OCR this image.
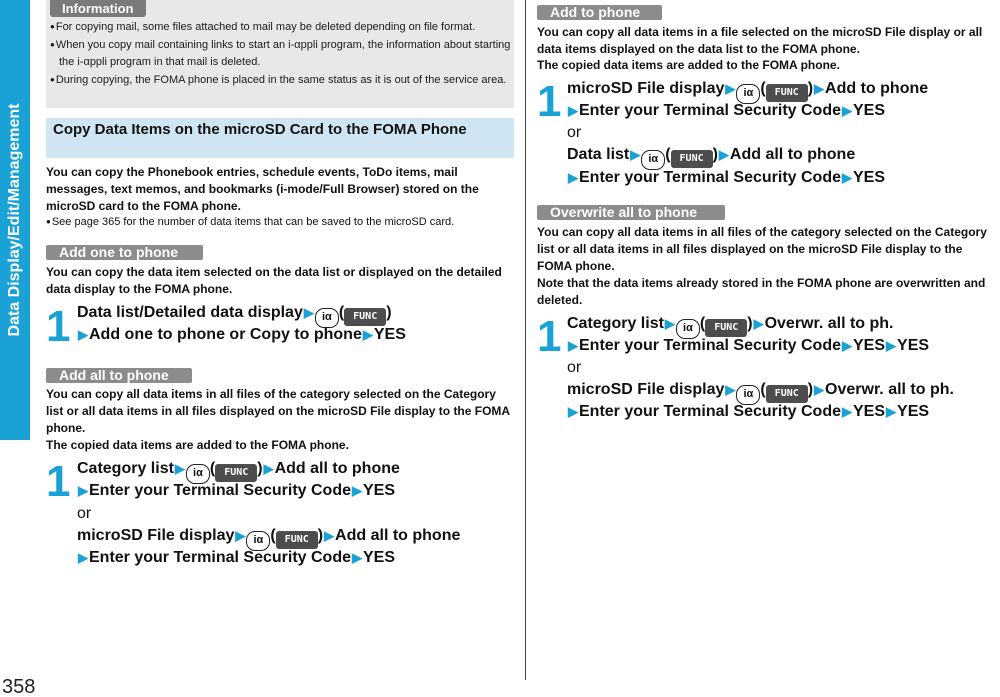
Data Display/Edit/Management
358
Information
● For copying mail, some files attached to mail may be deleted depending on file format.
● When you copy mail containing links to start an i-αppli program, the information about starting the i-αppli program in that mail is deleted.
● During copying, the FOMA phone is placed in the same status as it is out of the service area.
Copy Data Items on the microSD Card to the FOMA Phone
You can copy the Phonebook entries, schedule events, ToDo items, mail messages, text memos, and bookmarks (i-mode/Full Browser) stored on the microSD card to the FOMA phone.
● See page 365 for the number of data items that can be saved to the microSD card.
Add one to phone
You can copy the data item selected on the data list or displayed on the detailed data display to the FOMA phone.
1 Data list/Detailed data display▶ iα ( FUNC )
▶Add one to phone or Copy to phone▶YES
Add all to phone
You can copy all data items in all files of the category selected on the Category list or all data items in all files displayed on the microSD File display to the FOMA phone.
The copied data items are added to the FOMA phone.
1 Category list▶ iα ( FUNC )▶Add all to phone
▶Enter your Terminal Security Code▶YES
or
microSD File display▶ iα ( FUNC )▶Add all to phone
▶Enter your Terminal Security Code▶YES
Add to phone
You can copy all data items in a file selected on the microSD File display or all data items displayed on the data list to the FOMA phone.
The copied data items are added to the FOMA phone.
1 microSD File display▶ iα ( FUNC )▶Add to phone
▶Enter your Terminal Security Code▶YES
or
Data list▶ iα ( FUNC )▶Add all to phone
▶Enter your Terminal Security Code▶YES
Overwrite all to phone
You can copy all data items in all files of the category selected on the Category list or all data items in all files displayed on the microSD File display to the FOMA phone.
Note that the data items already stored in the FOMA phone are overwritten and deleted.
1 Category list▶ iα ( FUNC )▶Overwr. all to ph.
▶Enter your Terminal Security Code▶YES▶YES
or
microSD File display▶ iα ( FUNC )▶Overwr. all to ph.
▶Enter your Terminal Security Code▶YES▶YES
